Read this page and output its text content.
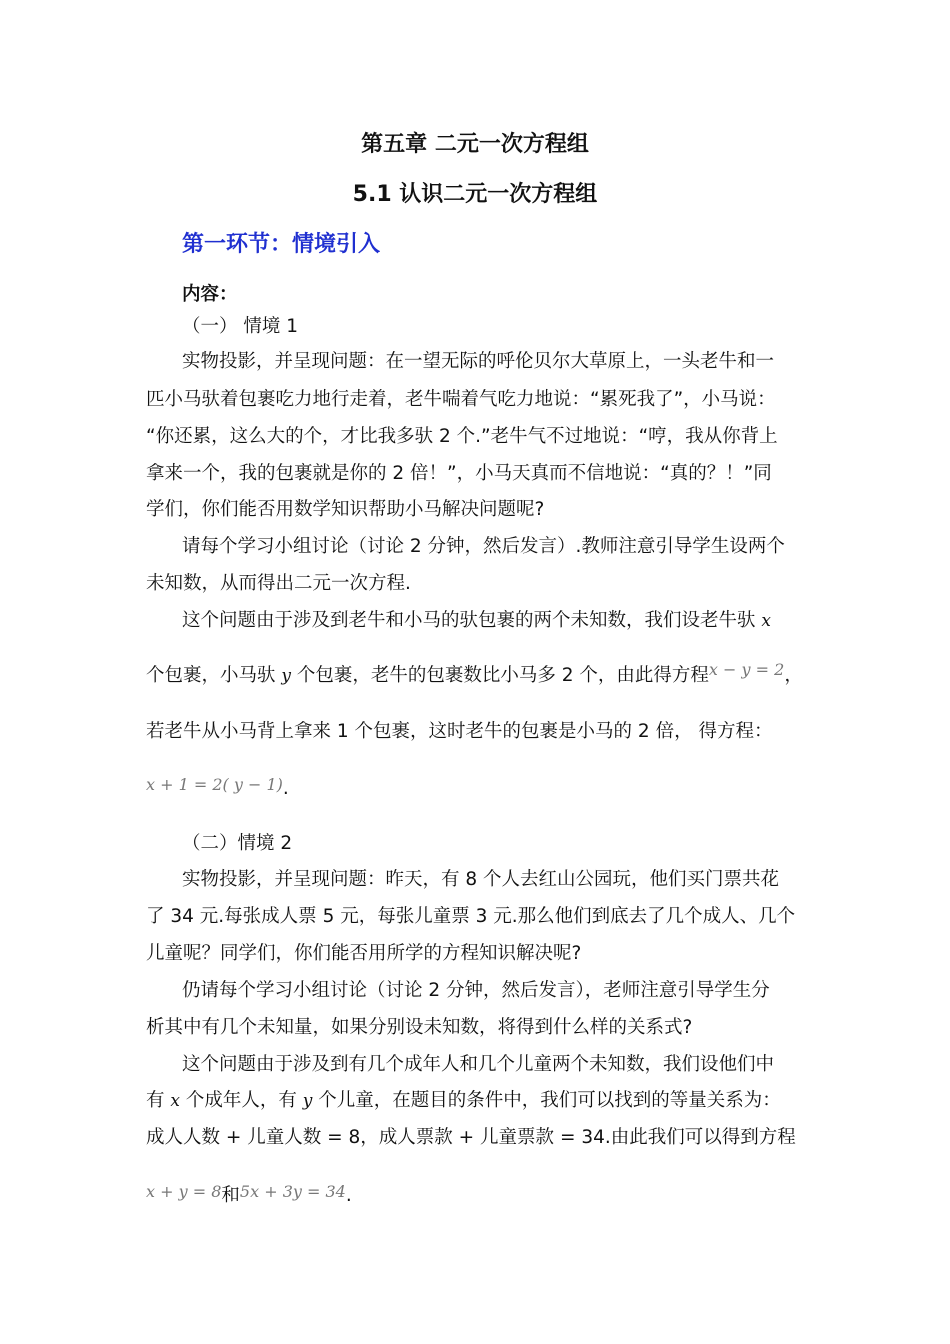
第五章 二元一次方程组
5.1 认识二元一次方程组
第一环节：情境引入
内容：
（一） 情境 1
实物投影，并呈现问题：在一望无际的呼伦贝尔大草原上，一头老牛和一
匹小马驮着包裹吃力地行走着，老牛喘着气吃力地说：“累死我了”，小马说：
“你还累，这么大的个，才比我多驮 2 个.”老牛气不过地说：“哼，我从你背上
拿来一个，我的包裹就是你的 2 倍！”，小马天真而不信地说：“真的？！”同
学们，你们能否用数学知识帮助小马解决问题呢?
请每个学习小组讨论（讨论 2 分钟，然后发言）.教师注意引导学生设两个
未知数，从而得出二元一次方程.
这个问题由于涉及到老牛和小马的驮包裹的两个未知数，我们设老牛驮 x
个包裹，小马驮 y 个包裹，老牛的包裹数比小马多 2 个，由此得方程x − y = 2，
若老牛从小马背上拿来 1 个包裹，这时老牛的包裹是小马的 2 倍， 得方程：
x + 1 = 2( y − 1).
（二）情境 2
实物投影，并呈现问题：昨天，有 8 个人去红山公园玩，他们买门票共花
了 34 元.每张成人票 5 元，每张儿童票 3 元.那么他们到底去了几个成人、几个
儿童呢？同学们，你们能否用所学的方程知识解决呢?
仍请每个学习小组讨论（讨论 2 分钟，然后发言），老师注意引导学生分
析其中有几个未知量，如果分别设未知数，将得到什么样的关系式?
这个问题由于涉及到有几个成年人和几个儿童两个未知数，我们设他们中
有 x 个成年人，有 y 个儿童，在题目的条件中，我们可以找到的等量关系为：
成人人数 + 儿童人数 = 8，成人票款 + 儿童票款 = 34.由此我们可以得到方程
x + y = 8和5x + 3y = 34.
